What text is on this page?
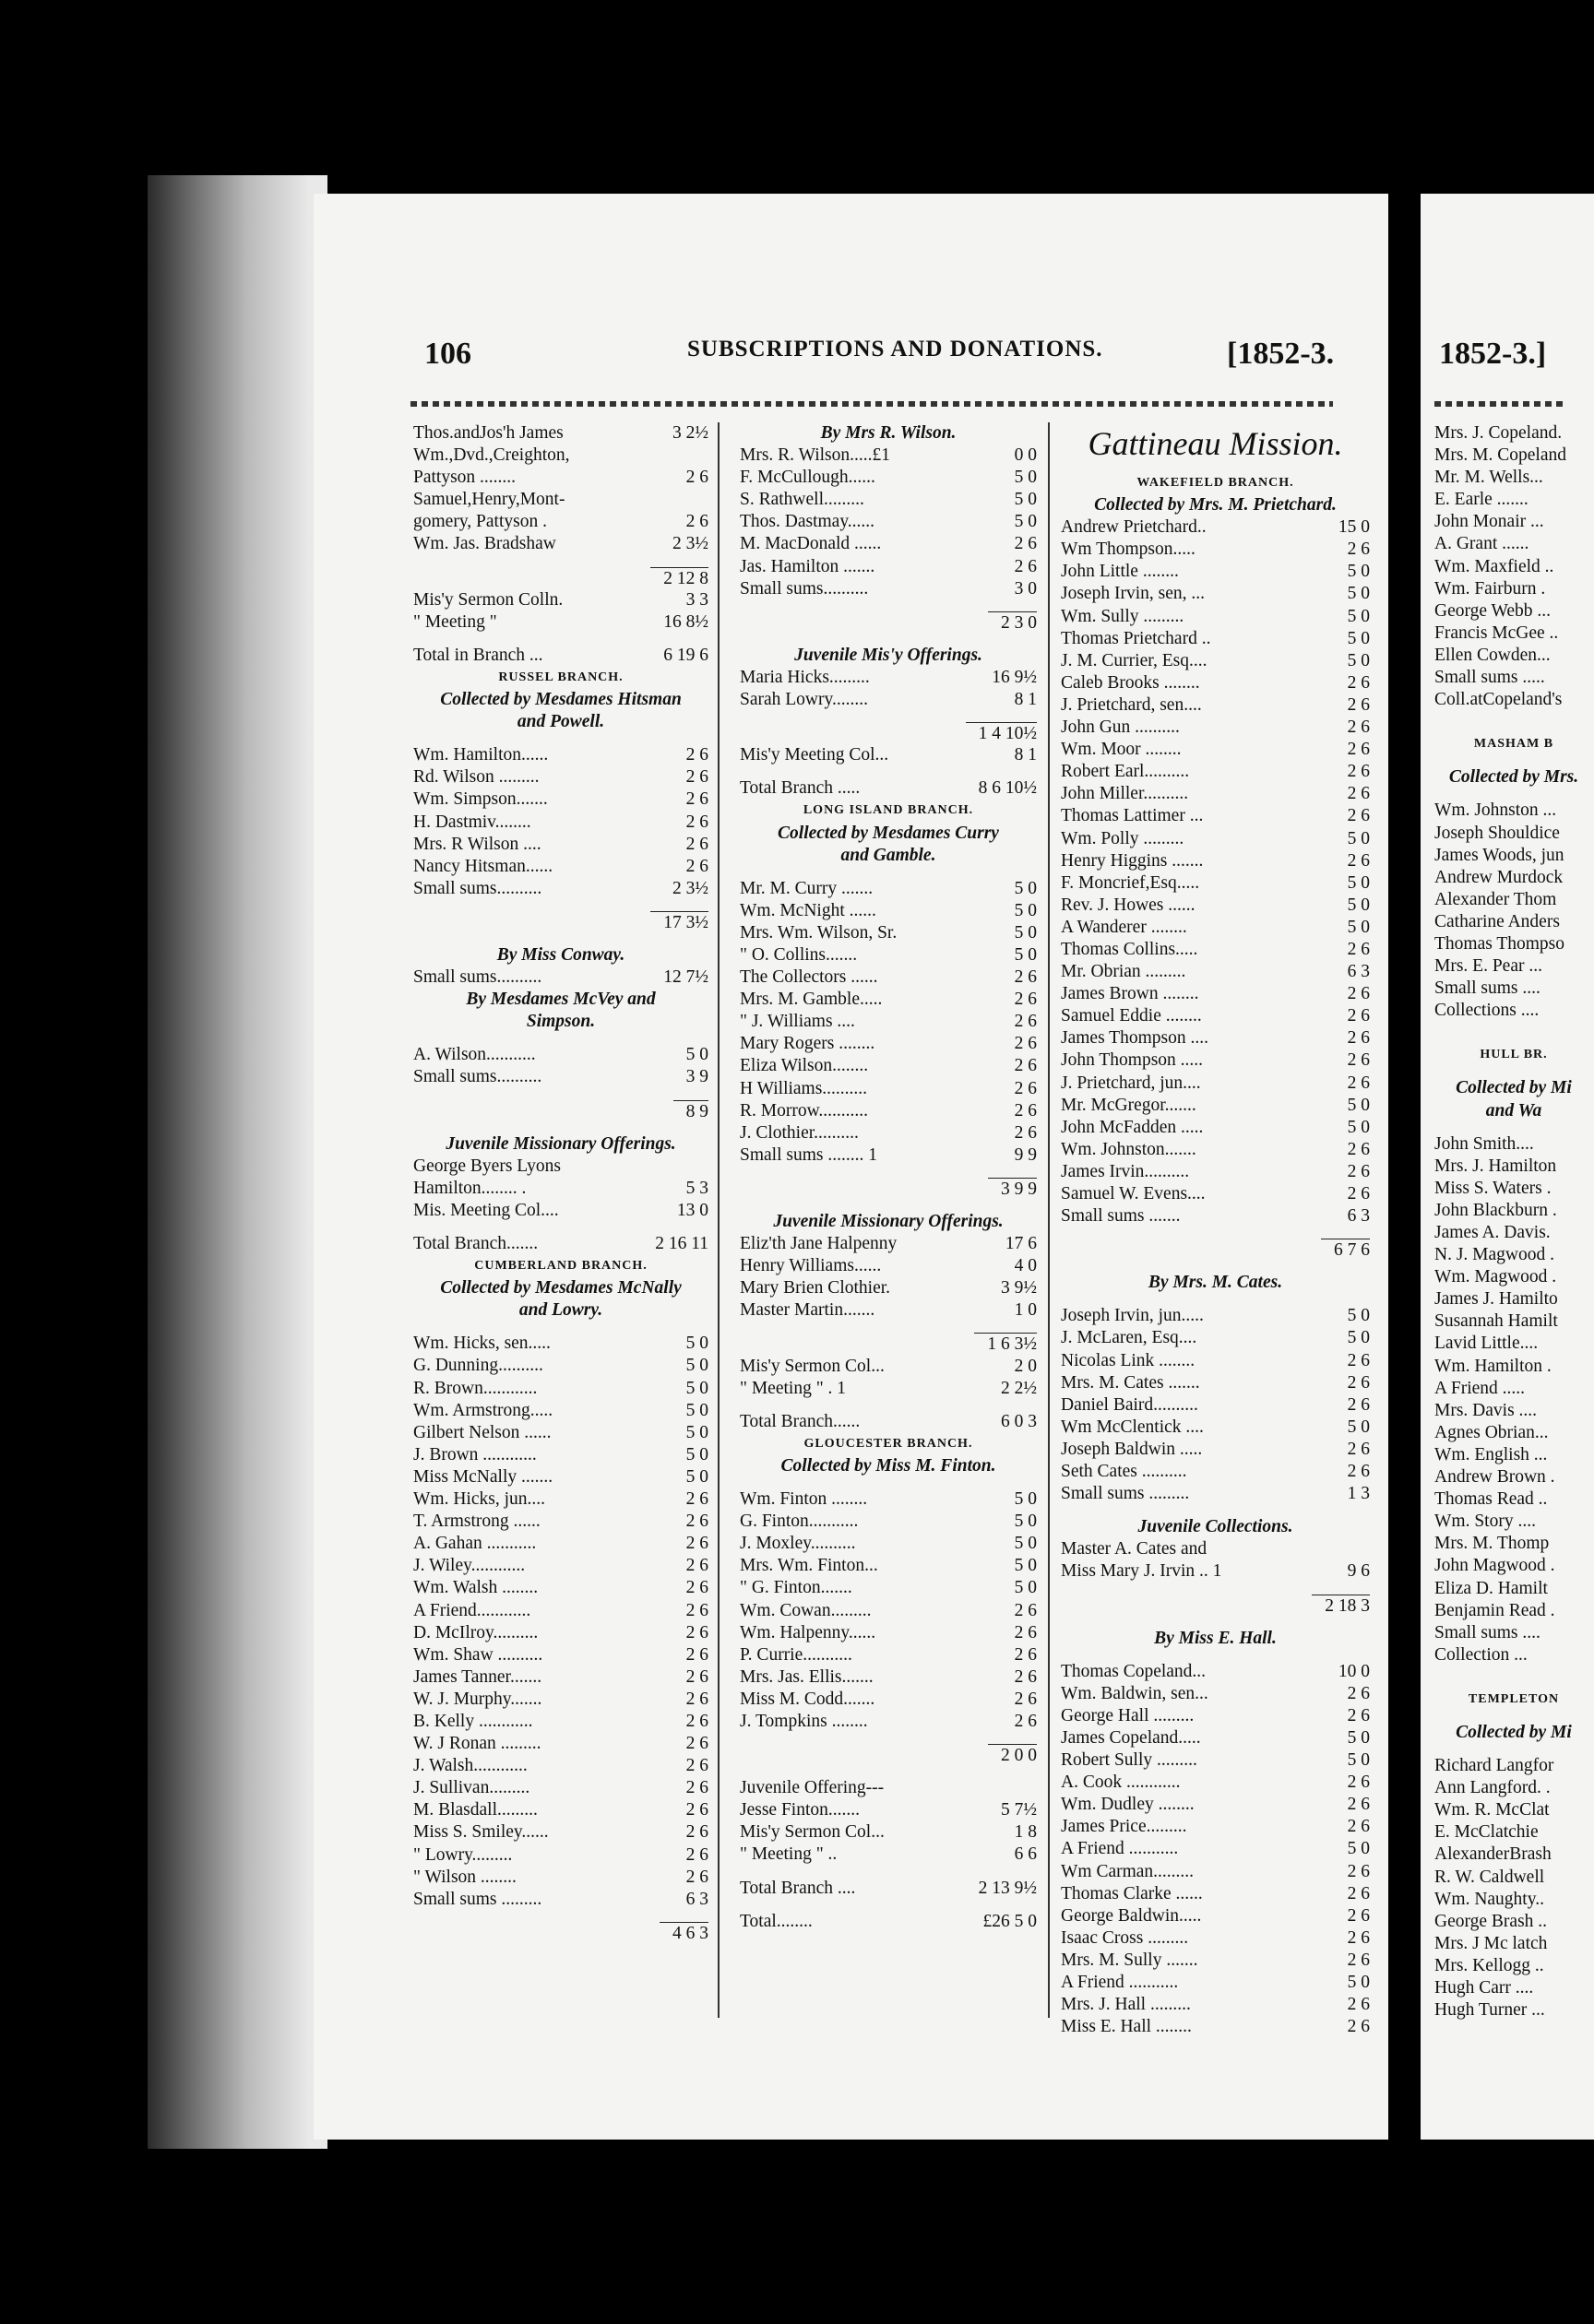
106	SUBSCRIPTIONS AND DONATIONS.	[1852-3.	1852-3.]
Thos.andJos'h James	3 2½
Wm.,Dvd.,Creighton,
Pattyson ........	2 6
Samuel,Henry,Mont-
gomery, Pattyson .	2 6
Wm. Jas. Bradshaw	2 3½
2 12 8
Mis'y Sermon Colln.	3 3
" Meeting "	16 8½
Total in Branch ...	6 19 6
RUSSEL BRANCH.
Collected by Mesdames Hitsman
and Powell.
Wm. Hamilton......	2 6
Rd. Wilson .........	2 6
Wm. Simpson.......	2 6
H. Dastmiv........	2 6
Mrs. R Wilson ....	2 6
Nancy Hitsman......	2 6
Small sums..........	2 3½
17 3½
By Miss Conway.
Small sums..........	12 7½
By Mesdames McVey and
Simpson.
A. Wilson...........	5 0
Small sums..........	3 9
8 9
Juvenile Missionary Offerings.
George Byers Lyons
Hamilton........ .	5 3
Mis. Meeting Col....	13 0
Total Branch.......	2 16 11
CUMBERLAND BRANCH.
Collected by Mesdames McNally
and Lowry.
Wm. Hicks, sen.....	5 0
G. Dunning..........	5 0
R. Brown............	5 0
Wm. Armstrong.....	5 0
Gilbert Nelson ......	5 0
J. Brown ............	5 0
Miss McNally .......	5 0
Wm. Hicks, jun....	2 6
T. Armstrong ......	2 6
A. Gahan ...........	2 6
J. Wiley............	2 6
Wm. Walsh ........	2 6
A Friend............	2 6
D. McIlroy..........	2 6
Wm. Shaw ..........	2 6
James Tanner.......	2 6
W. J. Murphy.......	2 6
B. Kelly ............	2 6
W. J Ronan .........	2 6
J. Walsh............	2 6
J. Sullivan.........	2 6
M. Blasdall.........	2 6
Miss S. Smiley......	2 6
" Lowry.........	2 6
" Wilson ........	2 6
Small sums .........	6 3
4 6 3
By Mrs R. Wilson.
Mrs. R. Wilson.....£1	0 0
F. McCullough......	5 0
S. Rathwell.........	5 0
Thos. Dastmay......	5 0
M. MacDonald ......	2 6
Jas. Hamilton .......	2 6
Small sums..........	3 0
2 3 0
Juvenile Mis'y Offerings.
Maria Hicks.........	16 9½
Sarah Lowry........	8 1
1 4 10½
Mis'y Meeting Col...	8 1
Total Branch .....	8 6 10½
LONG ISLAND BRANCH.
Collected by Mesdames Curry
and Gamble.
Mr. M. Curry .......	5 0
Wm. McNight ......	5 0
Mrs. Wm. Wilson, Sr.	5 0
" O. Collins.......	5 0
The Collectors ......	2 6
Mrs. M. Gamble.....	2 6
" J. Williams ....	2 6
Mary Rogers ........	2 6
Eliza Wilson........	2 6
H Williams..........	2 6
R. Morrow...........	2 6
J. Clothier..........	2 6
Small sums ........ 1	9 9
3 9 9
Juvenile Missionary Offerings.
Eliz'th Jane Halpenny	17 6
Henry Williams......	4 0
Mary Brien Clothier.	3 9½
Master Martin.......	1 0
1 6 3½
Mis'y Sermon Col...	2 0
" Meeting " . 1	2 2½
Total Branch......	6 0 3
GLOUCESTER BRANCH.
Collected by Miss M. Finton.
Wm. Finton ........	5 0
G. Finton...........	5 0
J. Moxley..........	5 0
Mrs. Wm. Finton...	5 0
" G. Finton.......	5 0
Wm. Cowan.........	2 6
Wm. Halpenny......	2 6
P. Currie...........	2 6
Mrs. Jas. Ellis.......	2 6
Miss M. Codd.......	2 6
J. Tompkins ........	2 6
2 0 0
Juvenile Offering---
Jesse Finton.......	5 7½
Mis'y Sermon Col...	1 8
" Meeting " ..	6 6
Total Branch ....	2 13 9½
Total........	£26 5 0
Gattineau Mission.
WAKEFIELD BRANCH.
Collected by Mrs. M. Prietchard.
Andrew Prietchard..	15 0
Wm Thompson.....	2 6
John Little ........	5 0
Joseph Irvin, sen, ...	5 0
Wm. Sully .........	5 0
Thomas Prietchard ..	5 0
J. M. Currier, Esq....	5 0
Caleb Brooks ........	2 6
J. Prietchard, sen....	2 6
John Gun ..........	2 6
Wm. Moor ........	2 6
Robert Earl..........	2 6
John Miller..........	2 6
Thomas Lattimer ...	2 6
Wm. Polly .........	5 0
Henry Higgins .......	2 6
F. Moncrief,Esq.....	5 0
Rev. J. Howes ......	5 0
A Wanderer ........	5 0
Thomas Collins.....	2 6
Mr. Obrian .........	6 3
James Brown ........	2 6
Samuel Eddie ........	2 6
James Thompson ....	2 6
John Thompson .....	2 6
J. Prietchard, jun....	2 6
Mr. McGregor.......	5 0
John McFadden .....	5 0
Wm. Johnston.......	2 6
James Irvin..........	2 6
Samuel W. Evens....	2 6
Small sums .......	6 3
6 7 6
By Mrs. M. Cates.
Joseph Irvin, jun.....	5 0
J. McLaren, Esq....	5 0
Nicolas Link ........	2 6
Mrs. M. Cates .......	2 6
Daniel Baird..........	2 6
Wm McClentick ....	5 0
Joseph Baldwin .....	2 6
Seth Cates ..........	2 6
Small sums .........	1 3
Juvenile Collections.
Master A. Cates and
Miss Mary J. Irvin .. 1	9 6
2 18 3
By Miss E. Hall.
Thomas Copeland...	10 0
Wm. Baldwin, sen...	2 6
George Hall .........	2 6
James Copeland.....	5 0
Robert Sully .........	5 0
A. Cook ............	2 6
Wm. Dudley ........	2 6
James Price.........	2 6
A Friend ...........	5 0
Wm Carman.........	2 6
Thomas Clarke ......	2 6
George Baldwin.....	2 6
Isaac Cross .........	2 6
Mrs. M. Sully .......	2 6
A Friend ...........	5 0
Mrs. J. Hall .........	2 6
Miss E. Hall ........	2 6
Mrs. J. Copeland.
Mrs. M. Copeland
Mr. M. Wells...
E. Earle .......
John Monair ...
A. Grant ......
Wm. Maxfield ..
Wm. Fairburn .
George Webb ...
Francis McGee ..
Ellen Cowden...
Small sums .....
Coll.atCopeland's
MASHAM B
Collected by Mrs.
Wm. Johnston ...
Joseph Shouldice
James Woods, jun
Andrew Murdock
Alexander Thom
Catharine Anders
Thomas Thompso
Mrs. E. Pear ...
Small sums ....
Collections ....
HULL BR.
Collected by Mi
and Wa
John Smith....
Mrs. J. Hamilton
Miss S. Waters .
John Blackburn .
James A. Davis.
N. J. Magwood .
Wm. Magwood .
James J. Hamilto
Susannah Hamilt
Lavid Little....
Wm. Hamilton .
A Friend .....
Mrs. Davis ....
Agnes Obrian...
Wm. English ...
Andrew Brown .
Thomas Read ..
Wm. Story ....
Mrs. M. Thomp
John Magwood .
Eliza D. Hamilt
Benjamin Read .
Small sums ....
Collection ...
TEMPLETON
Collected by Mi
Richard Langfor
Ann Langford. .
Wm. R. McClat
E. McClatchie
AlexanderBrash
R. W. Caldwell
Wm. Naughty..
George Brash ..
Mrs. J Mc latch
Mrs. Kellogg ..
Hugh Carr ....
Hugh Turner ...
